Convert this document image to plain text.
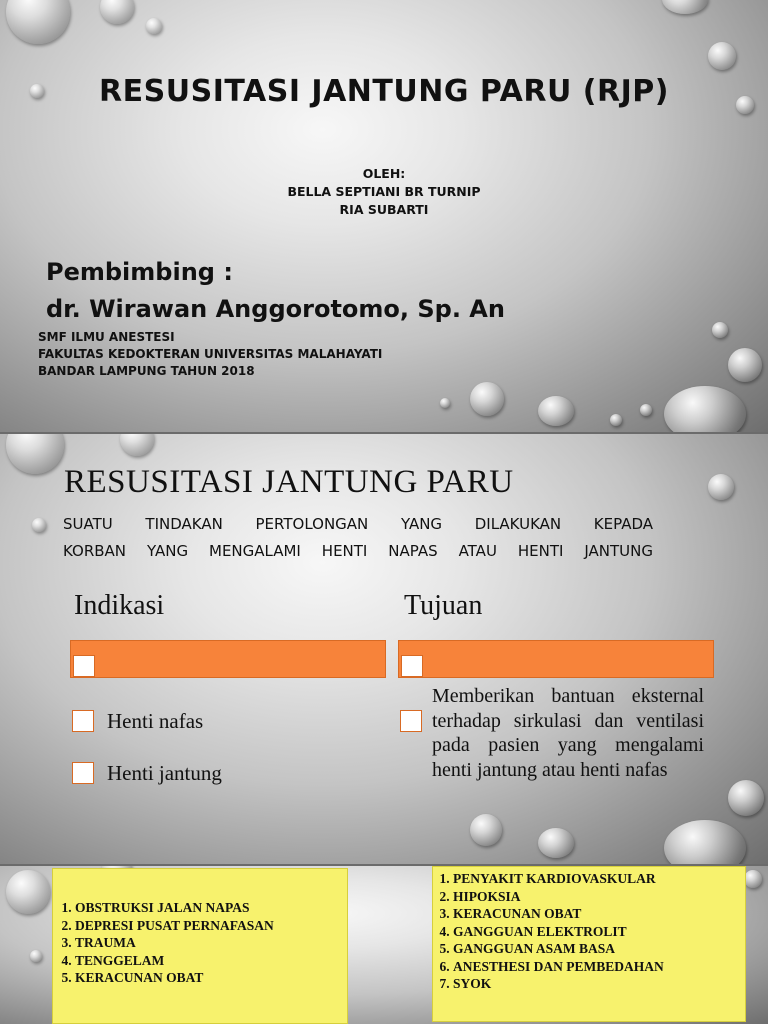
RESUSITASI JANTUNG PARU (RJP)
OLEH:
BELLA SEPTIANI BR TURNIP
RIA SUBARTI
Pembimbing :
dr. Wirawan Anggorotomo, Sp. An
SMF ILMU ANESTESI
FAKULTAS KEDOKTERAN UNIVERSITAS MALAHAYATI
BANDAR LAMPUNG TAHUN 2018
RESUSITASI JANTUNG PARU
SUATU TINDAKAN PERTOLONGAN YANG DILAKUKAN KEPADA
KORBAN YANG MENGALAMI HENTI NAPAS ATAU HENTI JANTUNG
Indikasi	Tujuan
Henti nafas
Henti jantung
Memberikan bantuan eksternal terhadap sirkulasi dan ventilasi pada pasien yang mengalami henti jantung atau henti nafas
1. OBSTRUKSI JALAN NAPAS
2. DEPRESI PUSAT PERNAFASAN
3. TRAUMA
4. TENGGELAM
5. KERACUNAN OBAT
1. PENYAKIT KARDIOVASKULAR
2. HIPOKSIA
3. KERACUNAN OBAT
4. GANGGUAN ELEKTROLIT
5. GANGGUAN ASAM BASA
6. ANESTHESI DAN PEMBEDAHAN
7. SYOK
